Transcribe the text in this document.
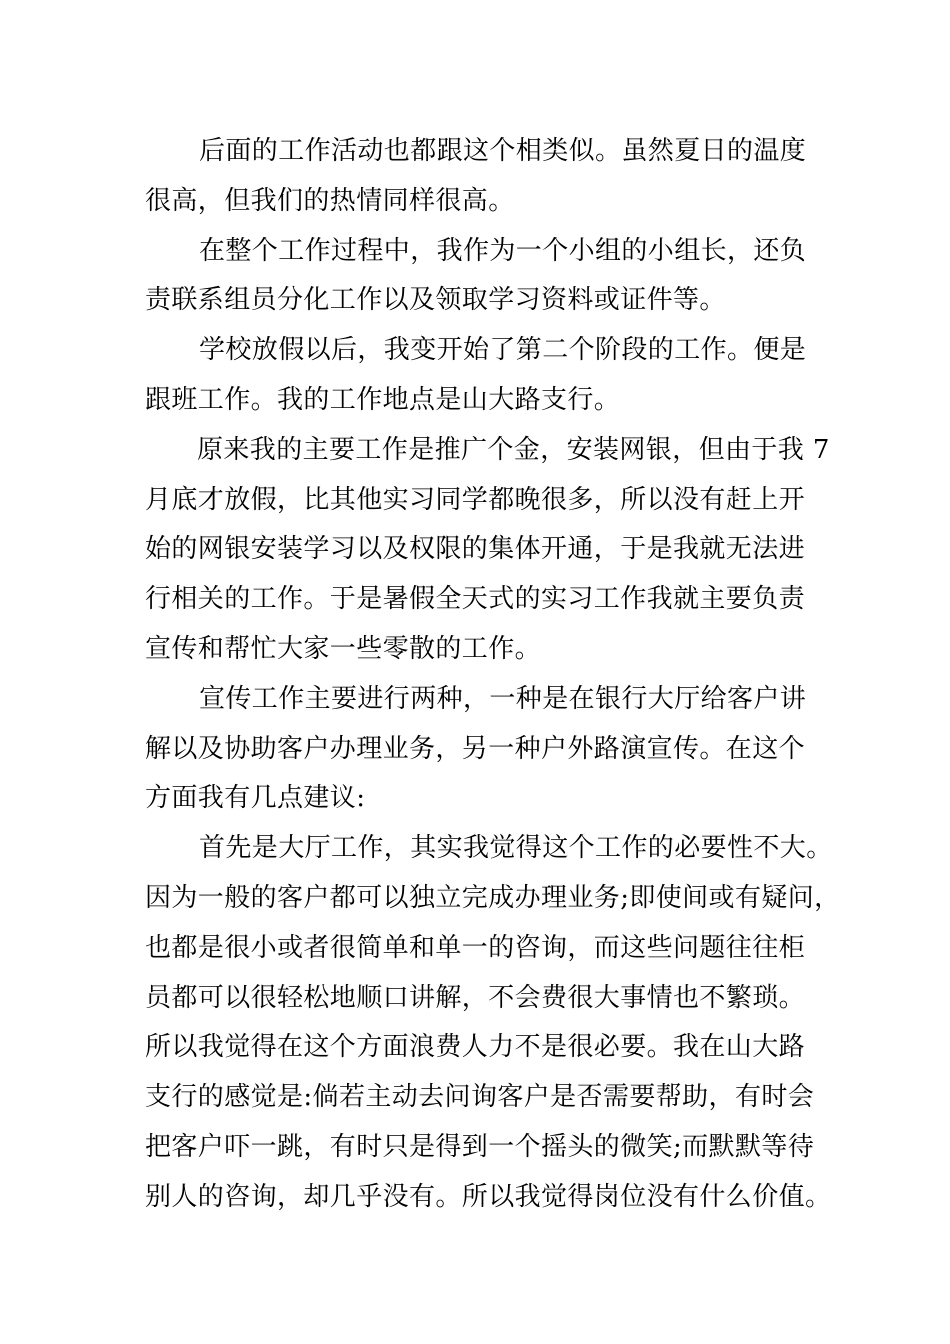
后面的工作活动也都跟这个相类似。虽然夏日的温度
很高，但我们的热情同样很高。
在整个工作过程中，我作为一个小组的小组长，还负
责联系组员分化工作以及领取学习资料或证件等。
学校放假以后，我变开始了第二个阶段的工作。便是
跟班工作。我的工作地点是山大路支行。
原来我的主要工作是推广个金，安装网银，但由于我 7
月底才放假，比其他实习同学都晚很多，所以没有赶上开
始的网银安装学习以及权限的集体开通，于是我就无法进
行相关的工作。于是暑假全天式的实习工作我就主要负责
宣传和帮忙大家一些零散的工作。
宣传工作主要进行两种，一种是在银行大厅给客户讲
解以及协助客户办理业务，另一种户外路演宣传。在这个
方面我有几点建议:
首先是大厅工作，其实我觉得这个工作的必要性不大。
因为一般的客户都可以独立完成办理业务;即使间或有疑问，
也都是很小或者很简单和单一的咨询，而这些问题往往柜
员都可以很轻松地顺口讲解，不会费很大事情也不繁琐。
所以我觉得在这个方面浪费人力不是很必要。我在山大路
支行的感觉是:倘若主动去问询客户是否需要帮助，有时会
把客户吓一跳，有时只是得到一个摇头的微笑;而默默等待
别人的咨询，却几乎没有。所以我觉得岗位没有什么价值。
